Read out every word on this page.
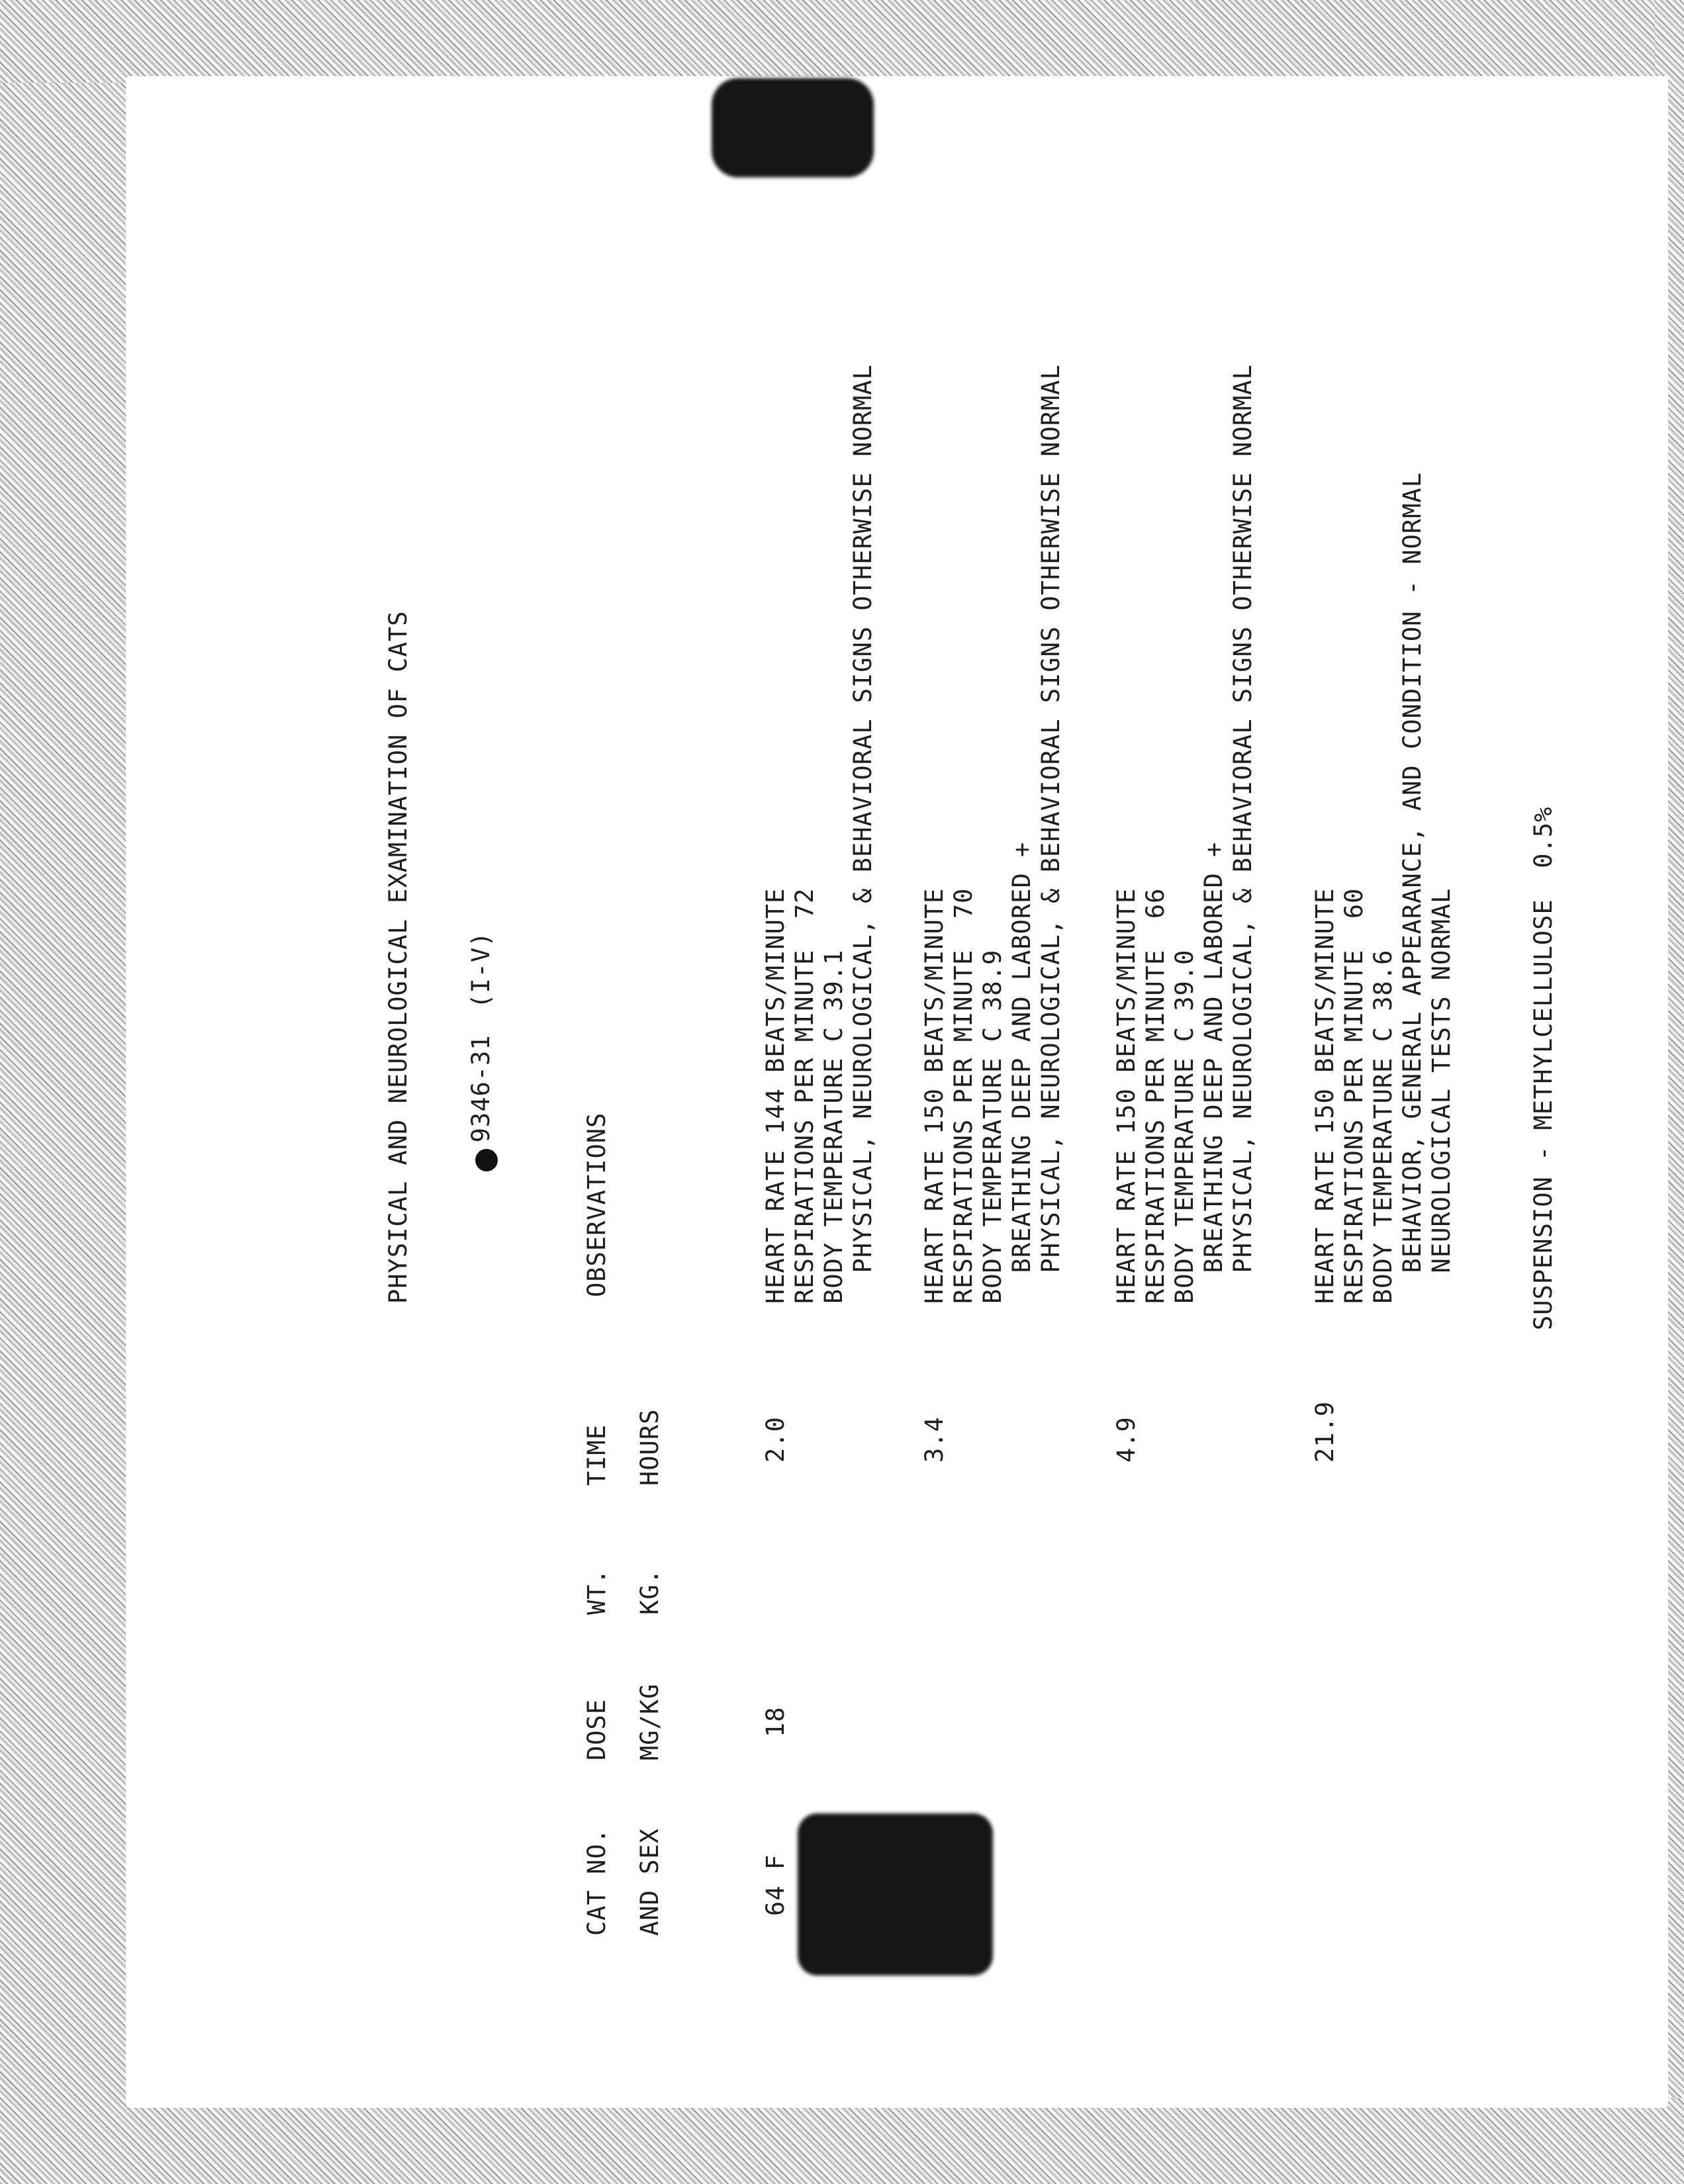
PHYSICAL AND NEUROLOGICAL EXAMINATION OF CATS 9346-31 (I-V)
CAT NO. AND SEX
DOSE MG/KG
WT. KG.
TIME HOURS
OBSERVATIONS
64 F
18
2.0
HEART RATE 144 BEATS/MINUTE RESPIRATIONS PER MINUTE  72 BODY TEMPERATURE C 39.1 PHYSICAL, NEUROLOGICAL, & BEHAVIORAL SIGNS OTHERWISE NORMAL
3.4
HEART RATE 150 BEATS/MINUTE RESPIRATIONS PER MINUTE  70 BODY TEMPERATURE C 38.9 BREATHING DEEP AND LABORED + PHYSICAL, NEUROLOGICAL, & BEHAVIORAL SIGNS OTHERWISE NORMAL
4.9
HEART RATE 150 BEATS/MINUTE RESPIRATIONS PER MINUTE  66 BODY TEMPERATURE C 39.0 BREATHING DEEP AND LABORED + PHYSICAL, NEUROLOGICAL, & BEHAVIORAL SIGNS OTHERWISE NORMAL
21.9
HEART RATE 150 BEATS/MINUTE RESPIRATIONS PER MINUTE  60 BODY TEMPERATURE C 38.6 BEHAVIOR, GENERAL APPEARANCE, AND CONDITION - NORMAL NEUROLOGICAL TESTS NORMAL	SUSPENSION - METHYLCELLULOSE  0.5%
